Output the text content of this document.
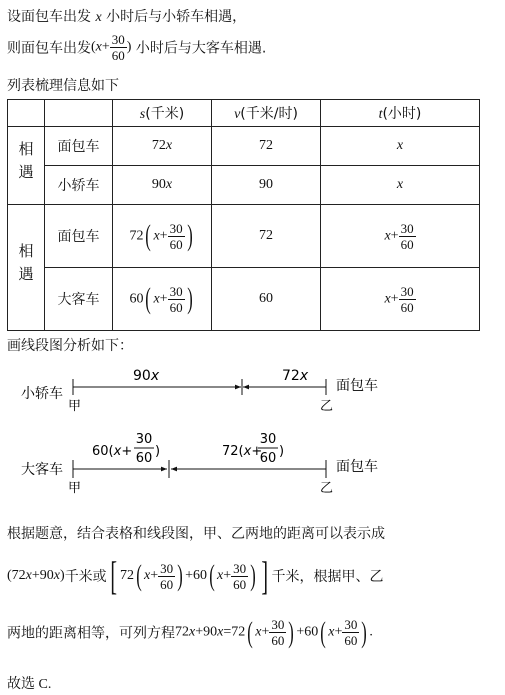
设面包车出发 x 小时后与小轿车相遇，
则面包车出发($x+ \frac{30}{60}$ ) 小时后与大客车相遇.
列表梳理信息如下
		s(千米)	v(千米/时)	t(小时)
相遇	面包车	72x	72	x
	小轿车	90x	90	x
相遇	面包车	72( $x+ \frac{30}{60}$ )	72	$x+ \frac{30}{60}$

	大客车	60( $x+ \frac{30}{60}$ )	60	$x+ \frac{30}{60}$
画线段图分析如下：
小轿车	面包车
90x	72x
甲	乙
大客车	面包车
60(x+
30
60 )	72(x+
30
60 )
甲	乙
根据题意，结合表格和线段图，甲、乙两地的距离可以表示成
(72x+90x)千米或[ 72( $x+ \frac{30}{60}$ ) +60( $x+ \frac{30}{60}$ ) ] 千米，根据甲、乙
两地的距离相等，可列方程72x+90x=72( $x+ \frac{30}{60}$ ) +60( $x+ \frac{30}{60}$ ) .
故选 C.
